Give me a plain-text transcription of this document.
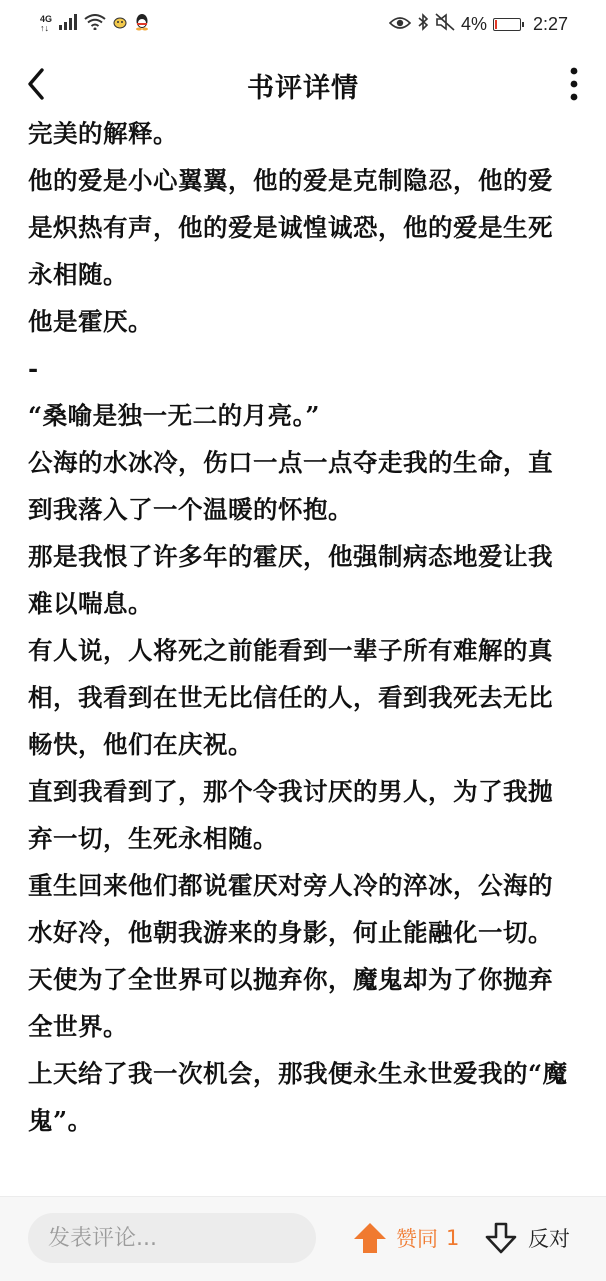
4G
↑↓	4%	2:27
书评详情

完美的解释。

他的爱是小心翼翼，他的爱是克制隐忍，他的爱是炽热有声，他的爱是诚惶诚恐，他的爱是生死永相随。

他是霍厌。

-

“桑喻是独一无二的月亮。”

公海的水冰冷，伤口一点一点夺走我的生命，直到我落入了一个温暖的怀抱。

那是我恨了许多年的霍厌，他强制病态地爱让我难以喘息。

有人说，人将死之前能看到一辈子所有难解的真相，我看到在世无比信任的人，看到我死去无比畅快，他们在庆祝。

直到我看到了，那个令我讨厌的男人，为了我抛弃一切，生死永相随。

重生回来他们都说霍厌对旁人冷的淬冰，公海的水好冷，他朝我游来的身影，何止能融化一切。

天使为了全世界可以抛弃你，魔鬼却为了你抛弃全世界。

上天给了我一次机会，那我便永生永世爱我的“魔鬼”。

发表评论...
赞同 1	反对
